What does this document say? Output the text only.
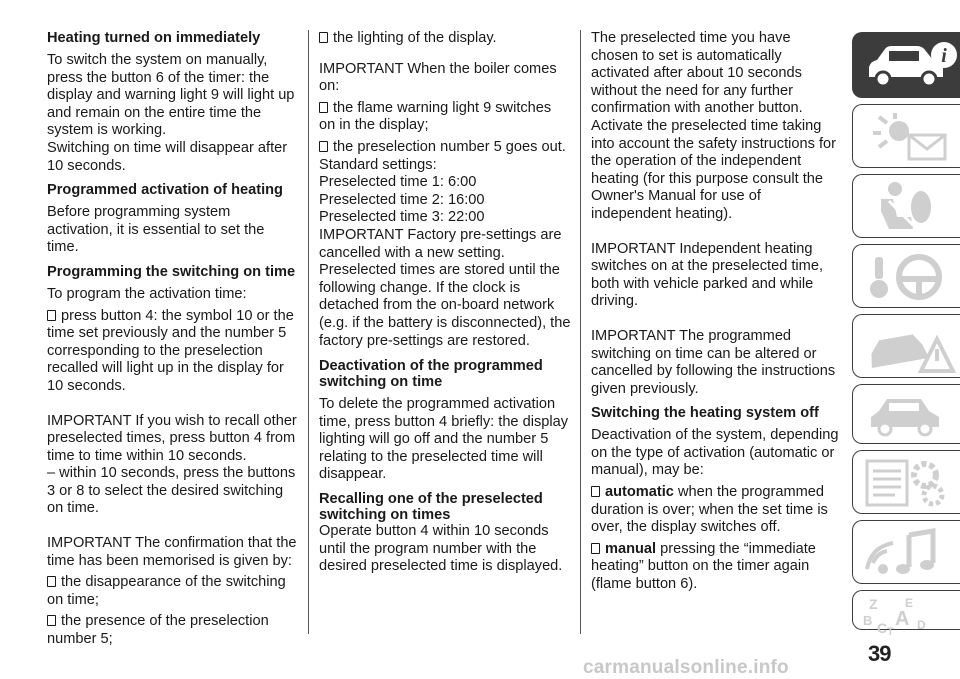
Heating turned on immediately

To switch the system on manually, press the button 6 of the timer: the display and warning light 9 will light up and remain on the entire time the system is working.
Switching on time will disappear after 10 seconds.

Programmed activation of heating

Before programming system activation, it is essential to set the time.

Programming the switching on time

To program the activation time:

press button 4: the symbol 10 or the time set previously and the number 5 corresponding to the preselection recalled will light up in the display for 10 seconds.

IMPORTANT If you wish to recall other preselected times, press button 4 from time to time within 10 seconds.
– within 10 seconds, press the buttons 3 or 8 to select the desired switching on time.

IMPORTANT The confirmation that the time has been memorised is given by:

the disappearance of the switching on time;

the presence of the preselection number 5;

the lighting of the display.

IMPORTANT When the boiler comes on:

the flame warning light 9 switches on in the display;

the preselection number 5 goes out.

Standard settings:
Preselected time 1: 6:00
Preselected time 2: 16:00
Preselected time 3: 22:00
IMPORTANT Factory pre-settings are cancelled with a new setting.
Preselected times are stored until the following change. If the clock is detached from the on-board network (e.g. if the battery is disconnected), the factory pre-settings are restored.

Deactivation of the programmed switching on time

To delete the programmed activation time, press button 4 briefly: the display lighting will go off and the number 5 relating to the preselected time will disappear.

Recalling one of the preselected switching on times

Operate button 4 within 10 seconds until the program number with the desired preselected time is displayed.

The preselected time you have chosen to set is automatically activated after about 10 seconds without the need for any further confirmation with another button.
Activate the preselected time taking into account the safety instructions for the operation of the independent heating (for this purpose consult the Owner's Manual for use of independent heating).

IMPORTANT Independent heating switches on at the preselected time, both with vehicle parked and while driving.

IMPORTANT The programmed switching on time can be altered or cancelled by following the instructions given previously.

Switching the heating system off

Deactivation of the system, depending on the type of activation (automatic or manual), may be:

automatic when the programmed duration is over; when the set time is over, the display switches off.

manual pressing the “immediate heating” button on the timer again (flame button 6).

i
Z E
B A
C D
T
39
carmanualsonline.info
